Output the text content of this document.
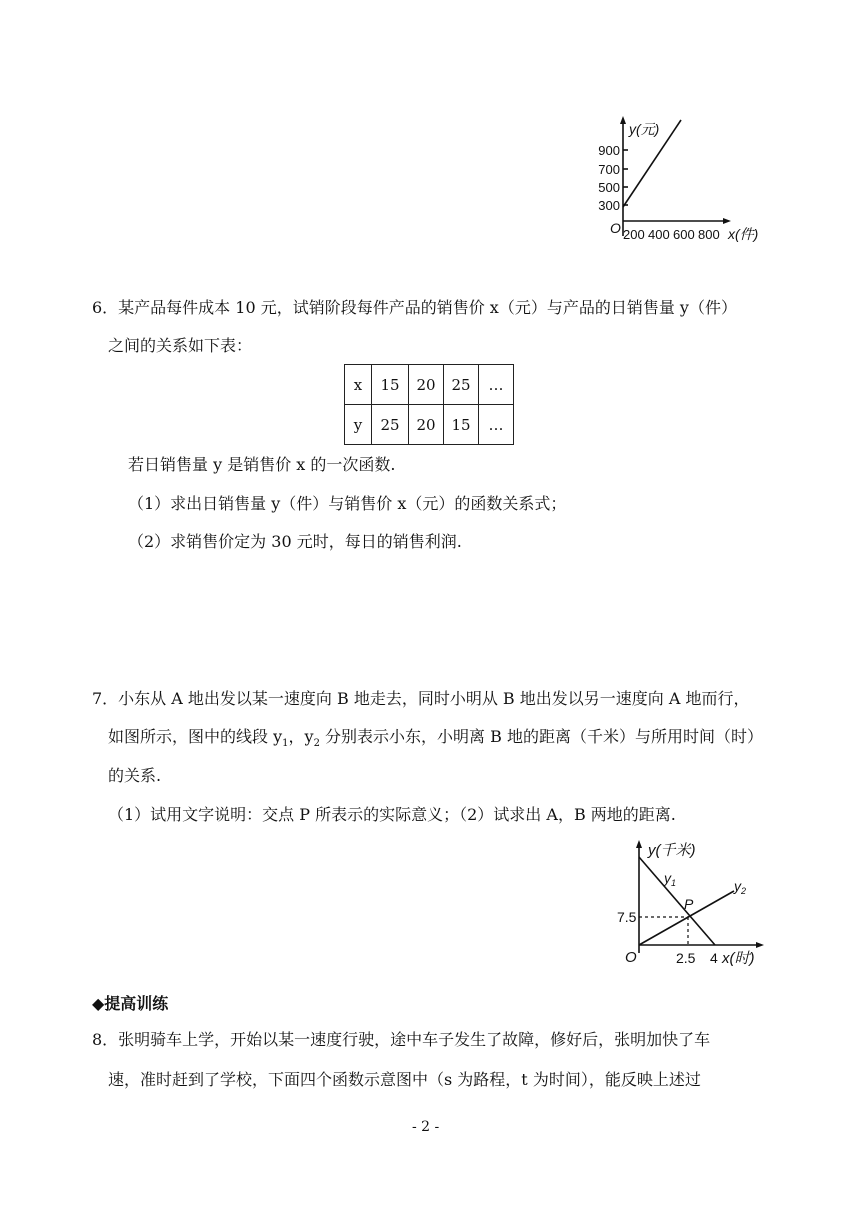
y(元)
900
700
500
300
O 200 400 600 800 x(件)
6．某产品每件成本 10 元，试销阶段每件产品的销售价 x（元）与产品的日销售量 y（件）
之间的关系如下表：
x	15	20	25	…
y	25	20	15	…
若日销售量 y 是销售价 x 的一次函数.
（1）求出日销售量 y（件）与销售价 x（元）的函数关系式；
（2）求销售价定为 30 元时，每日的销售利润.
7．小东从 A 地出发以某一速度向 B 地走去，同时小明从 B 地出发以另一速度向 A 地而行，
如图所示，图中的线段 $y_1$，$y_2$ 分别表示小东，小明离 B 地的距离（千米）与所用时间（时）
的关系.
（1）试用文字说明：交点 P 所表示的实际意义；（2）试求出 A，B 两地的距离.
y(千米)
$y_1$	$y_2$
P
7.5
O	2.5 4 x(时)
◆提高训练
8．张明骑车上学，开始以某一速度行驶，途中车子发生了故障，修好后，张明加快了车
速，准时赶到了学校，下面四个函数示意图中（s 为路程，t 为时间），能反映上述过
- 2 -
